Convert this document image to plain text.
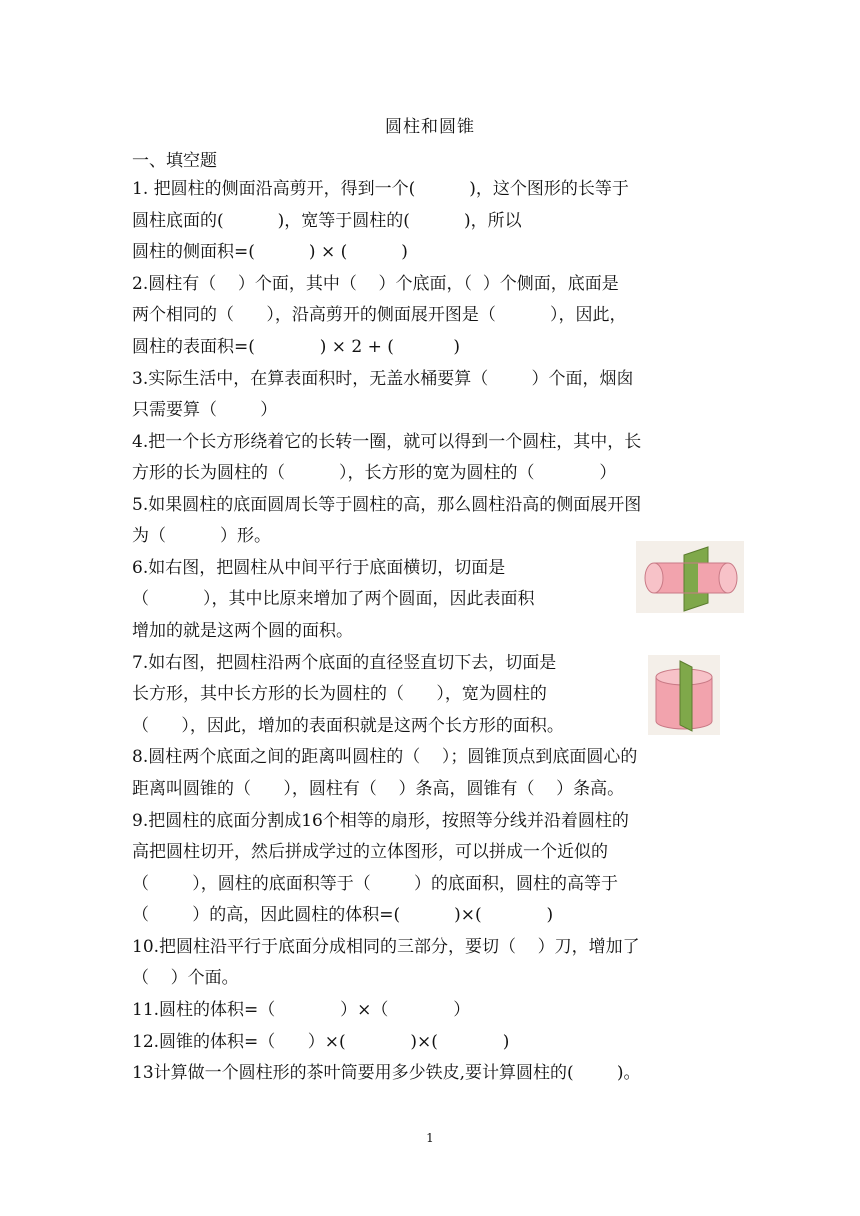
圆柱和圆锥
一、填空题
1. 把圆柱的侧面沿高剪开，得到一个(          )，这个图形的长等于
圆柱底面的(          )，宽等于圆柱的(          )，所以
圆柱的侧面积=(          ) × (          )
2.圆柱有（    ）个面，其中（    ）个底面，（  ）个侧面，底面是
两个相同的（      ），沿高剪开的侧面展开图是（          ），因此，
圆柱的表面积=(            ) × 2 + (           )
3.实际生活中，在算表面积时，无盖水桶要算（        ）个面，烟囱
只需要算（        ）
4.把一个长方形绕着它的长转一圈，就可以得到一个圆柱，其中，长
方形的长为圆柱的（          ），长方形的宽为圆柱的（            ）
5.如果圆柱的底面圆周长等于圆柱的高，那么圆柱沿高的侧面展开图
为（          ）形。
6.如右图，把圆柱从中间平行于底面横切，切面是
（          ），其中比原来增加了两个圆面，因此表面积
增加的就是这两个圆的面积。
7.如右图，把圆柱沿两个底面的直径竖直切下去，切面是
长方形，其中长方形的长为圆柱的（      ），宽为圆柱的
（      ），因此，增加的表面积就是这两个长方形的面积。
8.圆柱两个底面之间的距离叫圆柱的（    ）；圆锥顶点到底面圆心的
距离叫圆锥的（      ），圆柱有（    ）条高，圆锥有（    ）条高。
9.把圆柱的底面分割成16个相等的扇形，按照等分线并沿着圆柱的
高把圆柱切开，然后拼成学过的立体图形，可以拼成一个近似的
（        ），圆柱的底面积等于（        ）的底面积，圆柱的高等于
（        ）的高，因此圆柱的体积=(          )×(            )
10.把圆柱沿平行于底面分成相同的三部分，要切（    ）刀，增加了
（    ）个面。
11.圆柱的体积=（            ）×（            ）
12.圆锥的体积=（      ）×(            )×(            )
13计算做一个圆柱形的茶叶筒要用多少铁皮,要计算圆柱的(        )。
1
